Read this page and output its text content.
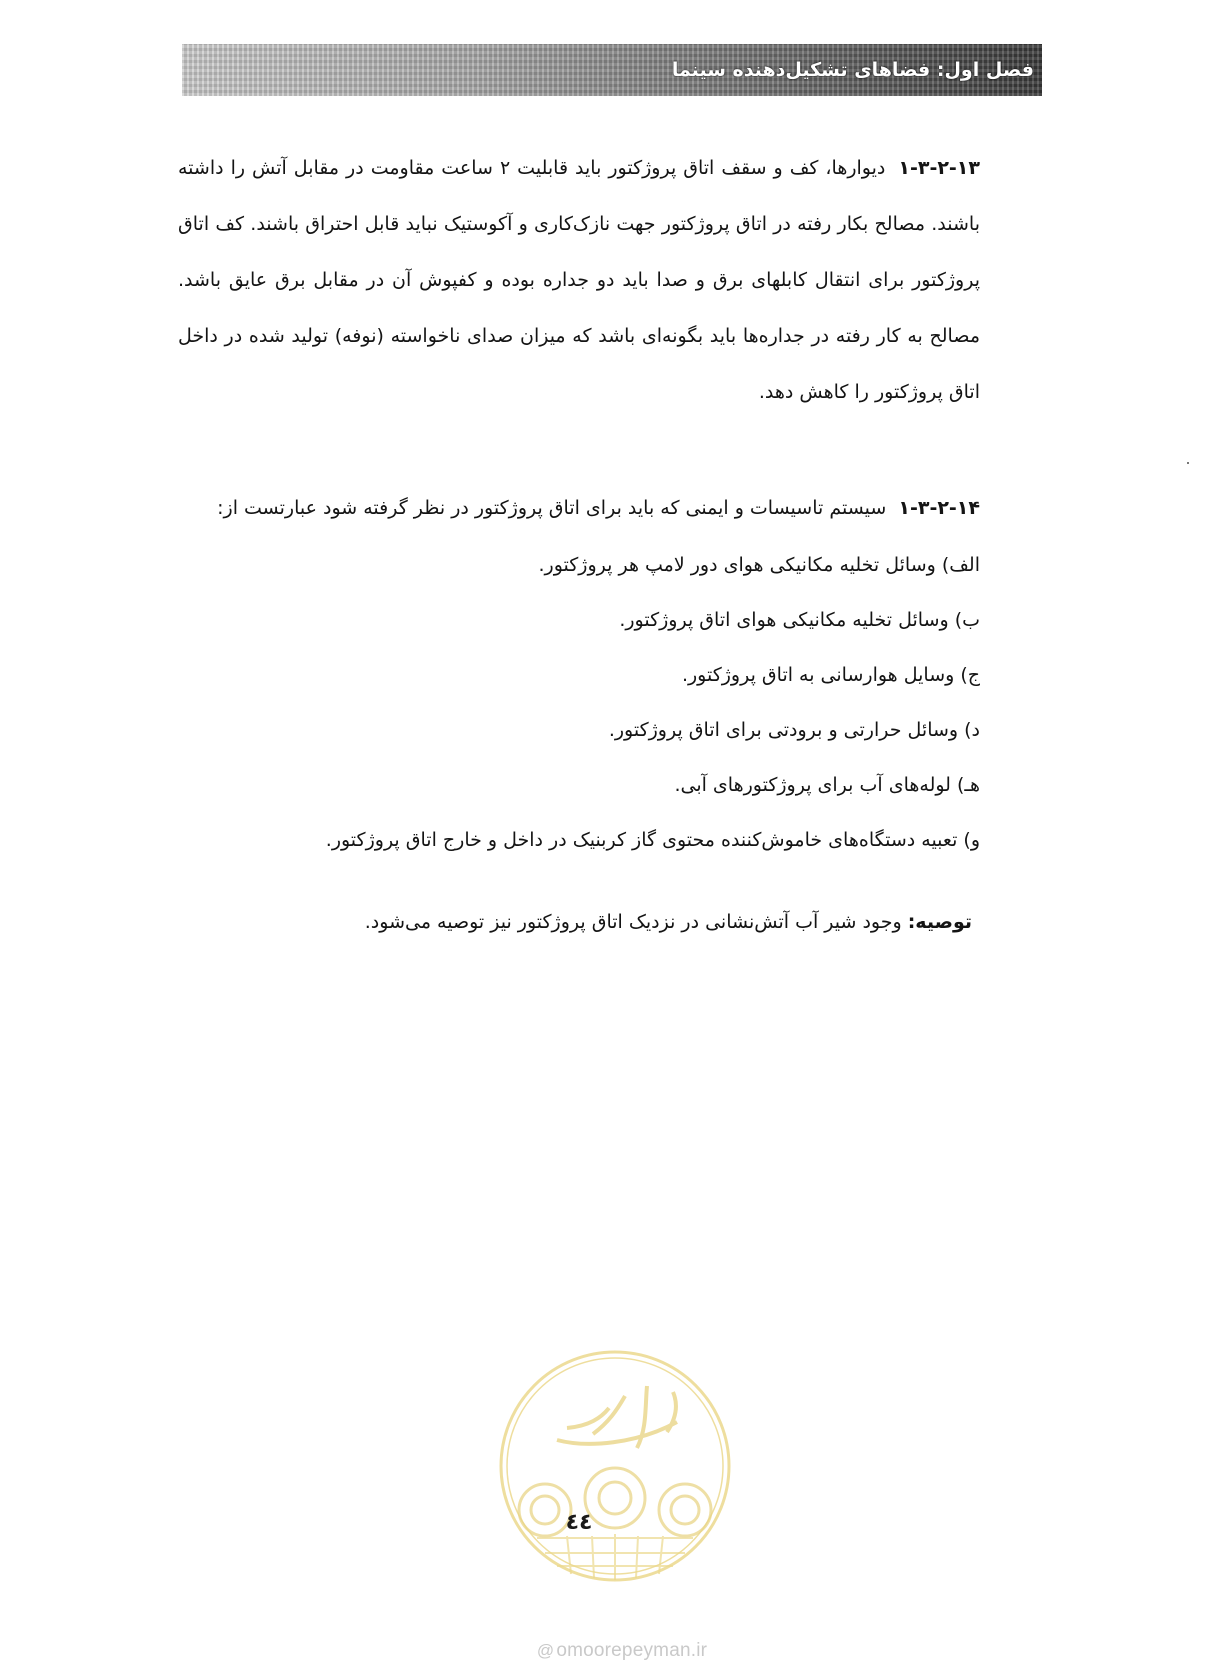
فصل اول: فضاهای تشکیل‌دهنده سینما

۱-۳-۲-۱۳ دیوارها، کف و سقف اتاق پروژکتور باید قابلیت ۲ ساعت مقاومت در مقابل آتش را داشته باشند. مصالح بکار رفته در اتاق پروژکتور جهت نازک‌کاری و آکوستیک نباید قابل احتراق باشند. کف اتاق پروژکتور برای انتقال کابلهای برق و صدا باید دو جداره بوده و کفپوش آن در مقابل برق عایق باشد. مصالح به کار رفته در جداره‌ها باید بگونه‌ای باشد که میزان صدای ناخواسته (نوفه) تولید شده در داخل اتاق پروژکتور را کاهش دهد.

۱-۳-۲-۱۴ سیستم تاسیسات و ایمنی که باید برای اتاق پروژکتور در نظر گرفته شود عبارتست از:

الف) وسائل تخلیه مکانیکی هوای دور لامپ هر پروژکتور.
ب) وسائل تخلیه مکانیکی هوای اتاق پروژکتور.
ج) وسایل هوارسانی به اتاق پروژکتور.
د) وسائل حرارتی و برودتی برای اتاق پروژکتور.
هـ) لوله‌های آب برای پروژکتورهای آبی.
و) تعبیه دستگاه‌های خاموش‌کننده محتوی گاز کربنیک در داخل و خارج اتاق پروژکتور.
توصیه: وجود شیر آب آتش‌نشانی در نزدیک اتاق پروژکتور نیز توصیه می‌شود.
٤٤
@ omoorepeyman.ir
